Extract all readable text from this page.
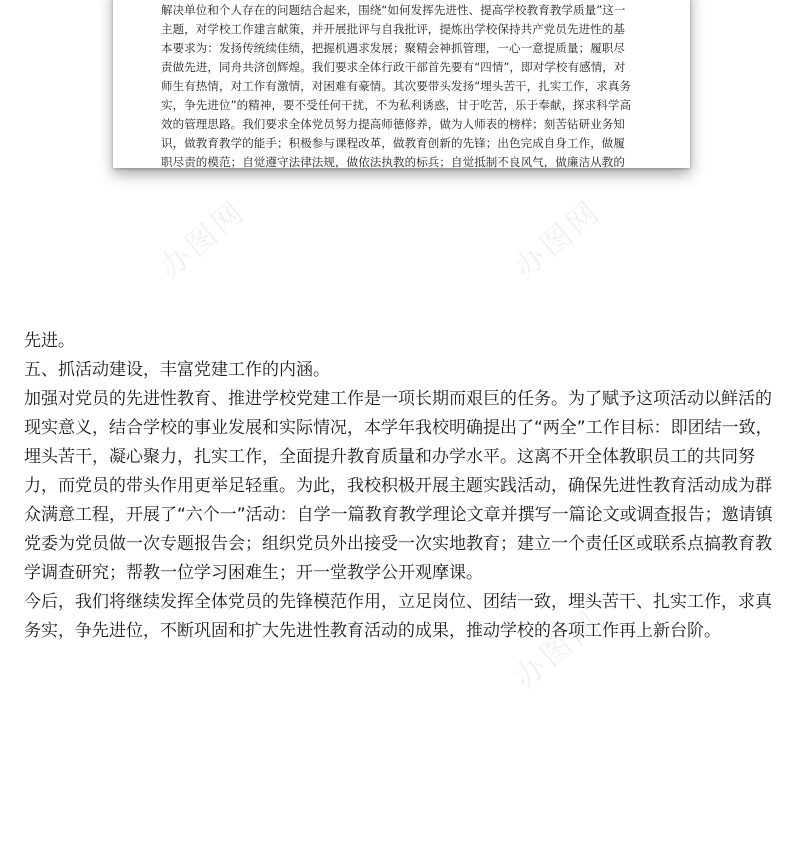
解决单位和个人存在的问题结合起来，围绕“如何发挥先进性、提高学校教育教学质量”这一
主题，对学校工作建言献策，并开展批评与自我批评，提炼出学校保持共产党员先进性的基
本要求为：发扬传统续佳绩，把握机遇求发展；聚精会神抓管理，一心一意提质量；履职尽
责做先进，同舟共济创辉煌。我们要求全体行政干部首先要有“四情”，即对学校有感情，对
师生有热情，对工作有激情，对困难有豪情。其次要带头发扬“埋头苦干，扎实工作，求真务
实，争先进位”的精神，要不受任何干扰，不为私利诱惑，甘于吃苦，乐于奉献，探求科学高
效的管理思路。我们要求全体党员努力提高师德修养，做为人师表的榜样；刻苦钻研业务知
识，做教育教学的能手；积极参与课程改革，做教育创新的先锋；出色完成自身工作，做履
职尽责的模范；自觉遵守法律法规，做依法执教的标兵；自觉抵制不良风气，做廉洁从教的
办图网	办图网
办图网

先进。

五、抓活动建设，丰富党建工作的内涵。

加强对党员的先进性教育、推进学校党建工作是一项长期而艰巨的任务。为了赋予这项活动以鲜活的现实意义，结合学校的事业发展和实际情况，本学年我校明确提出了“两全”工作目标：即团结一致，埋头苦干，凝心聚力，扎实工作，全面提升教育质量和办学水平。这离不开全体教职员工的共同努力，而党员的带头作用更举足轻重。为此，我校积极开展主题实践活动，确保先进性教育活动成为群众满意工程，开展了“六个一”活动：自学一篇教育教学理论文章并撰写一篇论文或调查报告；邀请镇党委为党员做一次专题报告会；组织党员外出接受一次实地教育；建立一个责任区或联系点搞教育教学调查研究；帮教一位学习困难生；开一堂教学公开观摩课。

今后，我们将继续发挥全体党员的先锋模范作用，立足岗位、团结一致，埋头苦干、扎实工作，求真务实，争先进位，不断巩固和扩大先进性教育活动的成果，推动学校的各项工作再上新台阶。
